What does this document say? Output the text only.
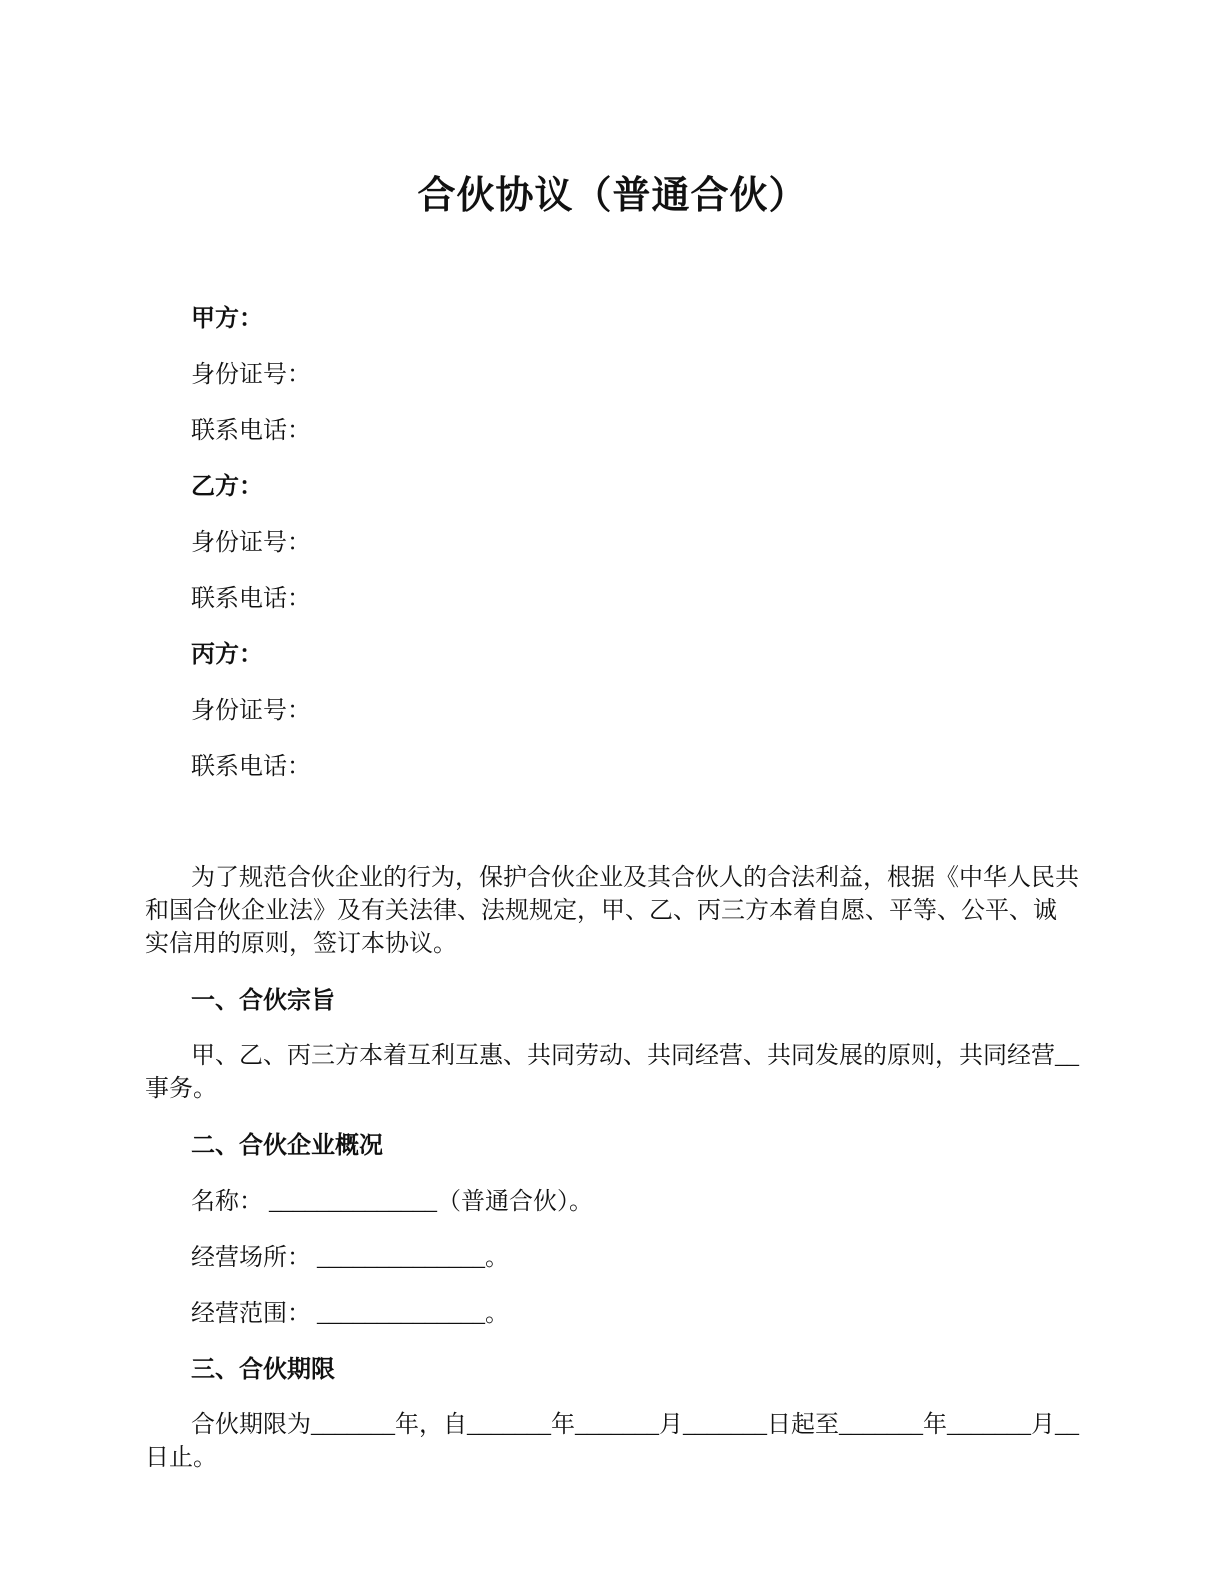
合伙协议（普通合伙）

甲方：

身份证号：

联系电话：

乙方：

身份证号：

联系电话：

丙方：

身份证号：

联系电话：

为了规范合伙企业的行为，保护合伙企业及其合伙人的合法利益，根据《中华人民共和国合伙企业法》及有关法律、法规规定，甲、乙、丙三方本着自愿、平等、公平、诚实信用的原则，签订本协议。

一、合伙宗旨

甲、乙、丙三方本着互利互惠、共同劳动、共同经营、共同发展的原则，共同经营__事务。

二、合伙企业概况

名称： ______________（普通合伙）。

经营场所： ______________。

经营范围： ______________。

三、合伙期限

合伙期限为_______年，自_______年_______月_______日起至_______年_______月__日止。
